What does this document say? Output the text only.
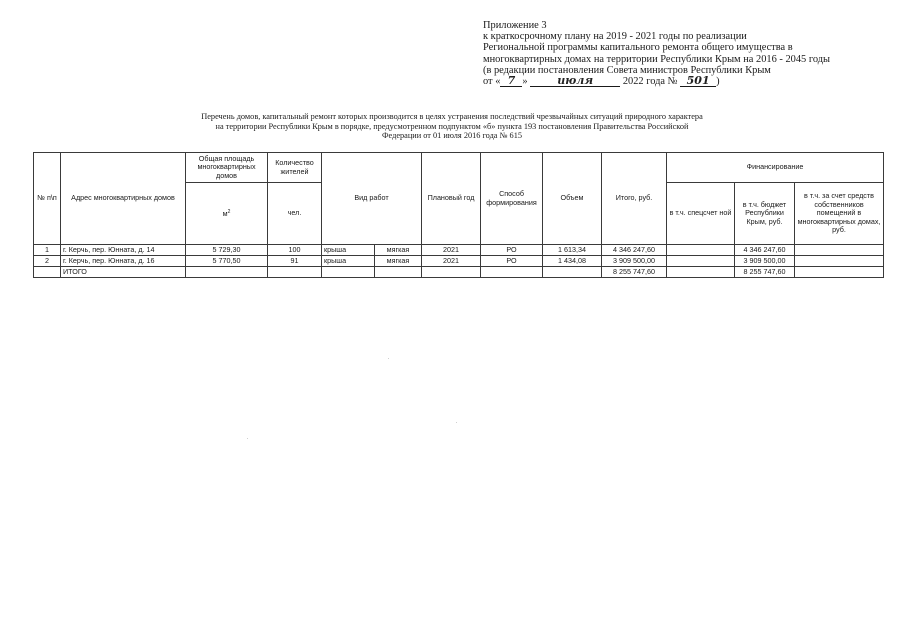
Приложение 3
к краткосрочному плану на 2019 - 2021 годы по реализации
Региональной программы капитального ремонта общего имущества в
многоквартирных домах на территории Республики Крым на 2016 - 2045 годы
(в редакции постановления Совета министров Республики Крым
от « 7 »	июля	2022 года № 501 )
Перечень домов, капитальный ремонт которых производится в целях устранения последствий чрезвычайных ситуаций природного характера
на территории Республики Крым в порядке, предусмотренном подпунктом «б» пункта 193 постановления Правительства Российской
Федерации от 01 июля 2016 года № 615
№ п\п	Адрес многоквартирных домов	Общая площадь многоквартирных домов	Количество жителей	Вид работ		Плановый год	Способ формирования	Объем	Итого, руб.	Финансирование		
		$м^2$	чел.							в т.ч. спецсчет ной	в т.ч. бюджет Республики Крым, руб.	в т.ч. за счет средств собственников помещений в многоквартирных домах, руб.
1	г. Керчь, пер. Юнната, д. 14	5 729,30	100	крыша	мягкая	2021	РО	1 613,34	4 346 247,60		4 346 247,60	
2	г. Керчь, пер. Юнната, д. 16	5 770,50	91	крыша	мягкая	2021	РО	1 434,08	3 909 500,00		3 909 500,00	
	ИТОГО								8 255 747,60		8 255 747,60	
